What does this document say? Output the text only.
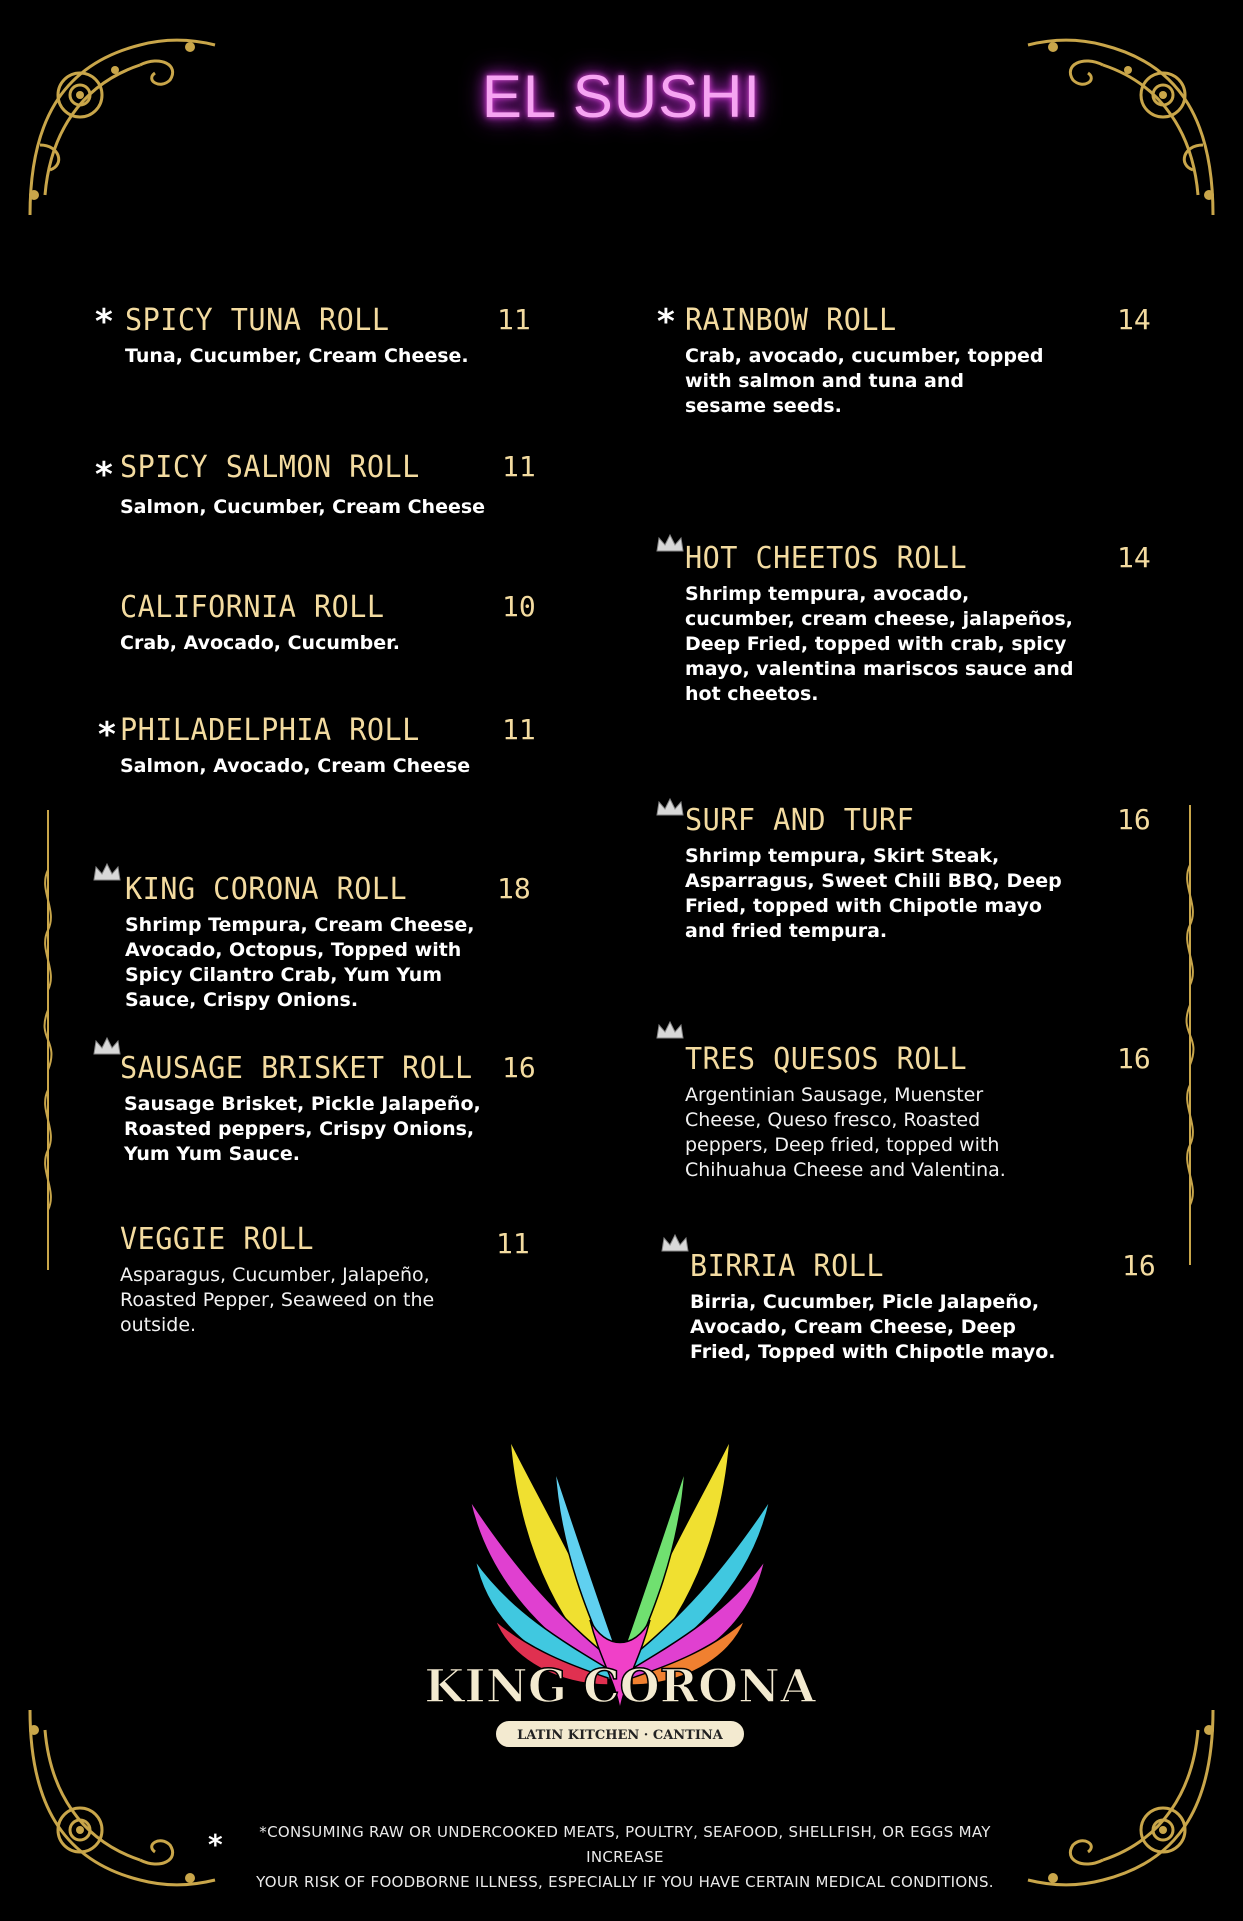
EL SUSHI
* SPICY TUNA ROLL	11
Tuna, Cucumber, Cream Cheese.
* SPICY SALMON ROLL	11
Salmon, Cucumber, Cream Cheese
CALIFORNIA ROLL	10
Crab, Avocado, Cucumber.
* PHILADELPHIA ROLL	11
Salmon, Avocado, Cream Cheese
KING CORONA ROLL	18
Shrimp Tempura, Cream Cheese, Avocado, Octopus, Topped with Spicy Cilantro Crab, Yum Yum Sauce, Crispy Onions.
SAUSAGE BRISKET ROLL 16
Sausage Brisket, Pickle Jalapeño, Roasted peppers, Crispy Onions, Yum Yum Sauce.
VEGGIE ROLL	11
Asparagus, Cucumber, Jalapeño, Roasted Pepper, Seaweed on the outside.
* RAINBOW ROLL	14
Crab, avocado, cucumber, topped with salmon and tuna and sesame seeds.
HOT CHEETOS ROLL	14
Shrimp tempura, avocado, cucumber, cream cheese, jalapeños, Deep Fried, topped with crab, spicy mayo, valentina mariscos sauce and hot cheetos.
SURF AND TURF	16
Shrimp tempura, Skirt Steak, Asparragus, Sweet Chili BBQ, Deep Fried, topped with Chipotle mayo and fried tempura.
TRES QUESOS ROLL	16
Argentinian Sausage, Muenster Cheese, Queso fresco, Roasted peppers, Deep fried, topped with Chihuahua Cheese and Valentina.
BIRRIA ROLL	16
Birria, Cucumber, Picle Jalapeño, Avocado, Cream Cheese, Deep Fried, Topped with Chipotle mayo.
KING CORONA
LATIN KITCHEN · CANTINA
*	*CONSUMING RAW OR UNDERCOOKED MEATS, POULTRY, SEAFOOD, SHELLFISH, OR EGGS MAY INCREASE
YOUR RISK OF FOODBORNE ILLNESS, ESPECIALLY IF YOU HAVE CERTAIN MEDICAL CONDITIONS.
